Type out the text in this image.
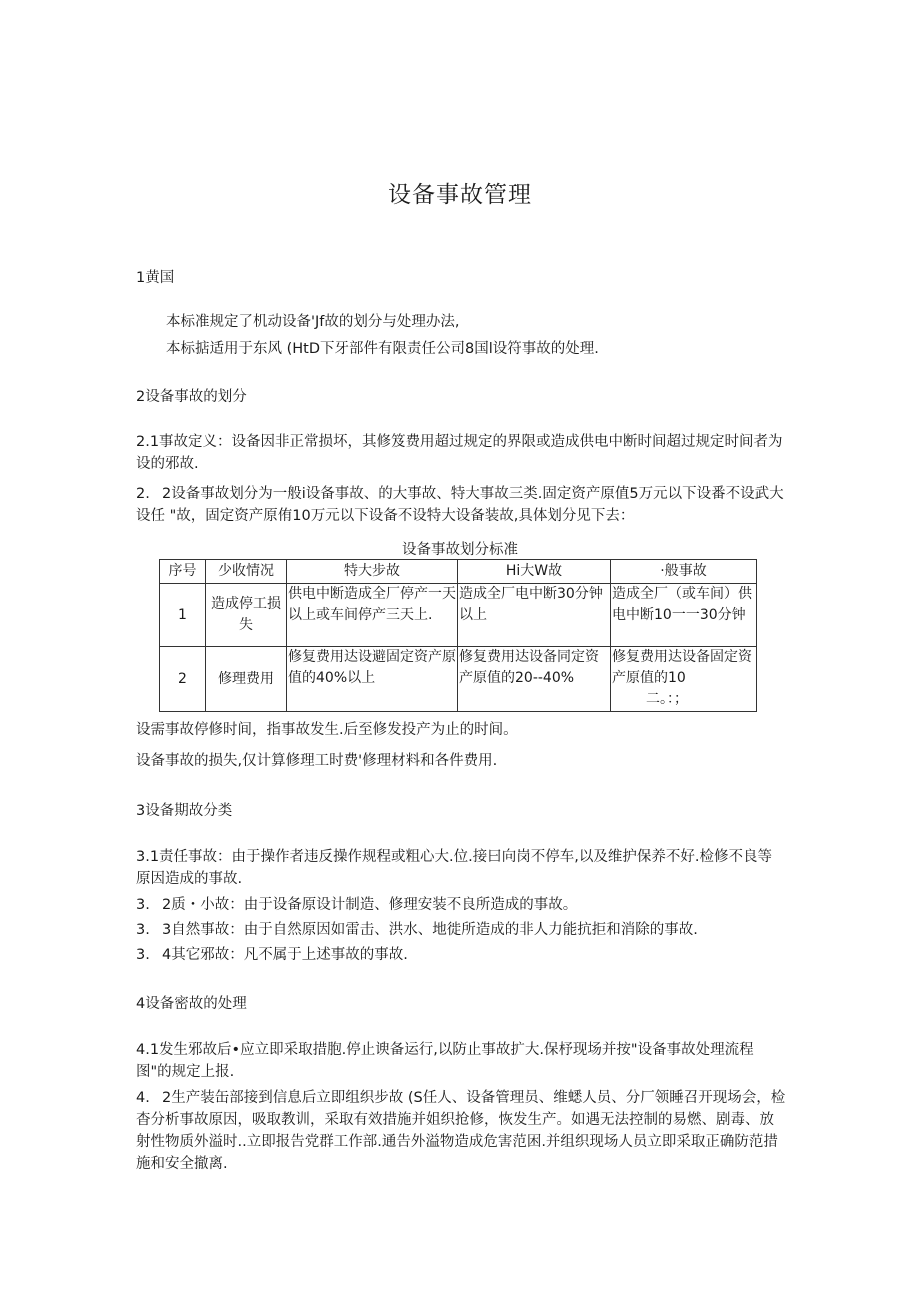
设备事故管理
1黄国
本标准规定了机动设备'Jf故的划分与处理办法,
本标掂适用于东风 (HtD下牙部件有限责任公司8国l设符事故的处理.
2设备事故的划分
2.1事故定义：设备因非正常损坏，其修笈费用超过规定的界限或造成供电中断时间超过规定时间者为设的邪故.
2. 2设备事故划分为一般i设备事故、的大事故、特大事故三类.固定资产原值5万元以下设番不设武大设任 "故，固定资产原侑10万元以下设备不设特大设备装故,具体划分见下去：
设备事故划分标准
序号	少收情况	特大步故	Hi大W故	·般事故
1	造成停工损失	供电中断造成全厂停产一天以上或车间停产三天上.	造成全厂电中断30分钟以上	造成全厂（或车间）供电中断10一一30分钟
2	修理费用	修复费用达设避固定资产原值的40%以上	修复费用达设备同定资产原值的20--40%	修复费用达设备固定资产原值的10
二。：；
设需事故停修时间，指事故发生.后至修发投产为止的时间。
设备事故的损失,仅计算修理工时费'修理材料和各件费用.
3设备期故分类
3.1责任事故：由于操作者违反操作规程或粗心大.位.接曰向岗不停车,以及维护保养不好.检修不良等原因造成的事故.
3. 2质・小故：由于设备原设计制造、修理安装不良所造成的事故。
3. 3自然事故：由于自然原因如雷击、洪水、地徙所造成的非人力能抗拒和消除的事故.
3. 4其它邪故：凡不属于上述事故的事故.
4设备密故的处理
4.1发生邪故后•应立即采取措胞.停止谀备运行,以防止事故扩大.保杼现场并按"设备事故处理流程图"的规定上报.
4. 2生产装缶部接到信息后立即组织步故 (S任人、设备管理员、维蟋人员、分厂领睡召开现场会，检杳分析事故原因，吸取教训，采取有效措施并姐织抢修，恢发生产。如遇无法控制的易燃、剧毒、放射性物质外溢时..立即报告党群工作部.通告外溢物造成危害范困.并组织现场人员立即采取正确防范措施和安全撤离.
